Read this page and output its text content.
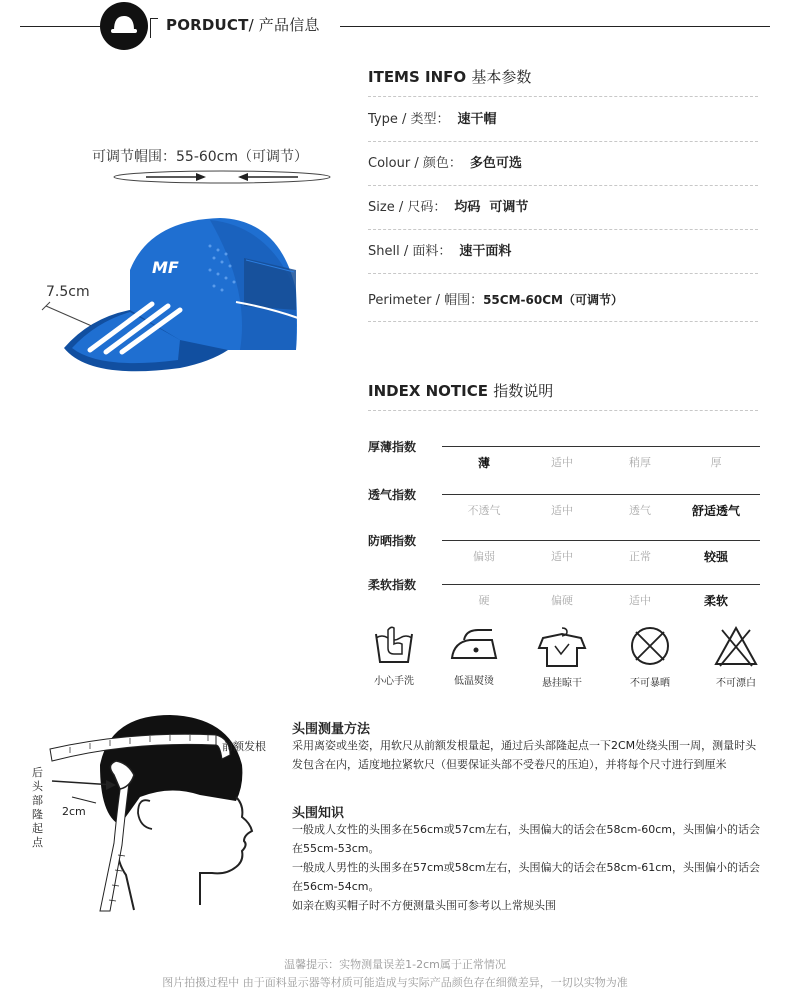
PORDUCT/ 产品信息
可调节帽围：55-60cm（可调节）
7.5cm
MF
ITEMS INFO 基本参数
Type / 类型： 速干帽
Colour / 颜色： 多色可选
Size / 尺码： 均码  可调节
Shell / 面料： 速干面料
Perimeter / 帽围：55CM-60CM（可调节）
INDEX NOTICE 指数说明
厚薄指数
薄	适中	稍厚	厚
透气指数
不透气	适中	透气	舒适透气
防晒指数
偏弱	适中	正常	较强
柔软指数
硬	偏硬	适中	柔软
小心手洗	低温熨烫	悬挂晾干	不可暴晒	不可漂白
前额发根
后头部隆起点
2cm
头围测量方法
采用离姿或坐姿，用软尺从前额发根量起，通过后头部隆起点一下2CM处绕头围一周，测量时头发包含在内，适度地拉紧软尺（但要保证头部不受卷尺的压迫），并将每个尺寸进行到厘米
头围知识
一般成人女性的头围多在56cm或57cm左右，头围偏大的话会在58cm-60cm，头围偏小的话会在55cm-53cm。
一般成人男性的头围多在57cm或58cm左右，头围偏大的话会在58cm-61cm，头围偏小的话会在56cm-54cm。
如亲在购买帽子时不方便测量头围可参考以上常规头围
温馨提示：实物测量误差1-2cm属于正常情况
图片拍摄过程中 由于面料显示器等材质可能造成与实际产品颜色存在细微差异，一切以实物为准
